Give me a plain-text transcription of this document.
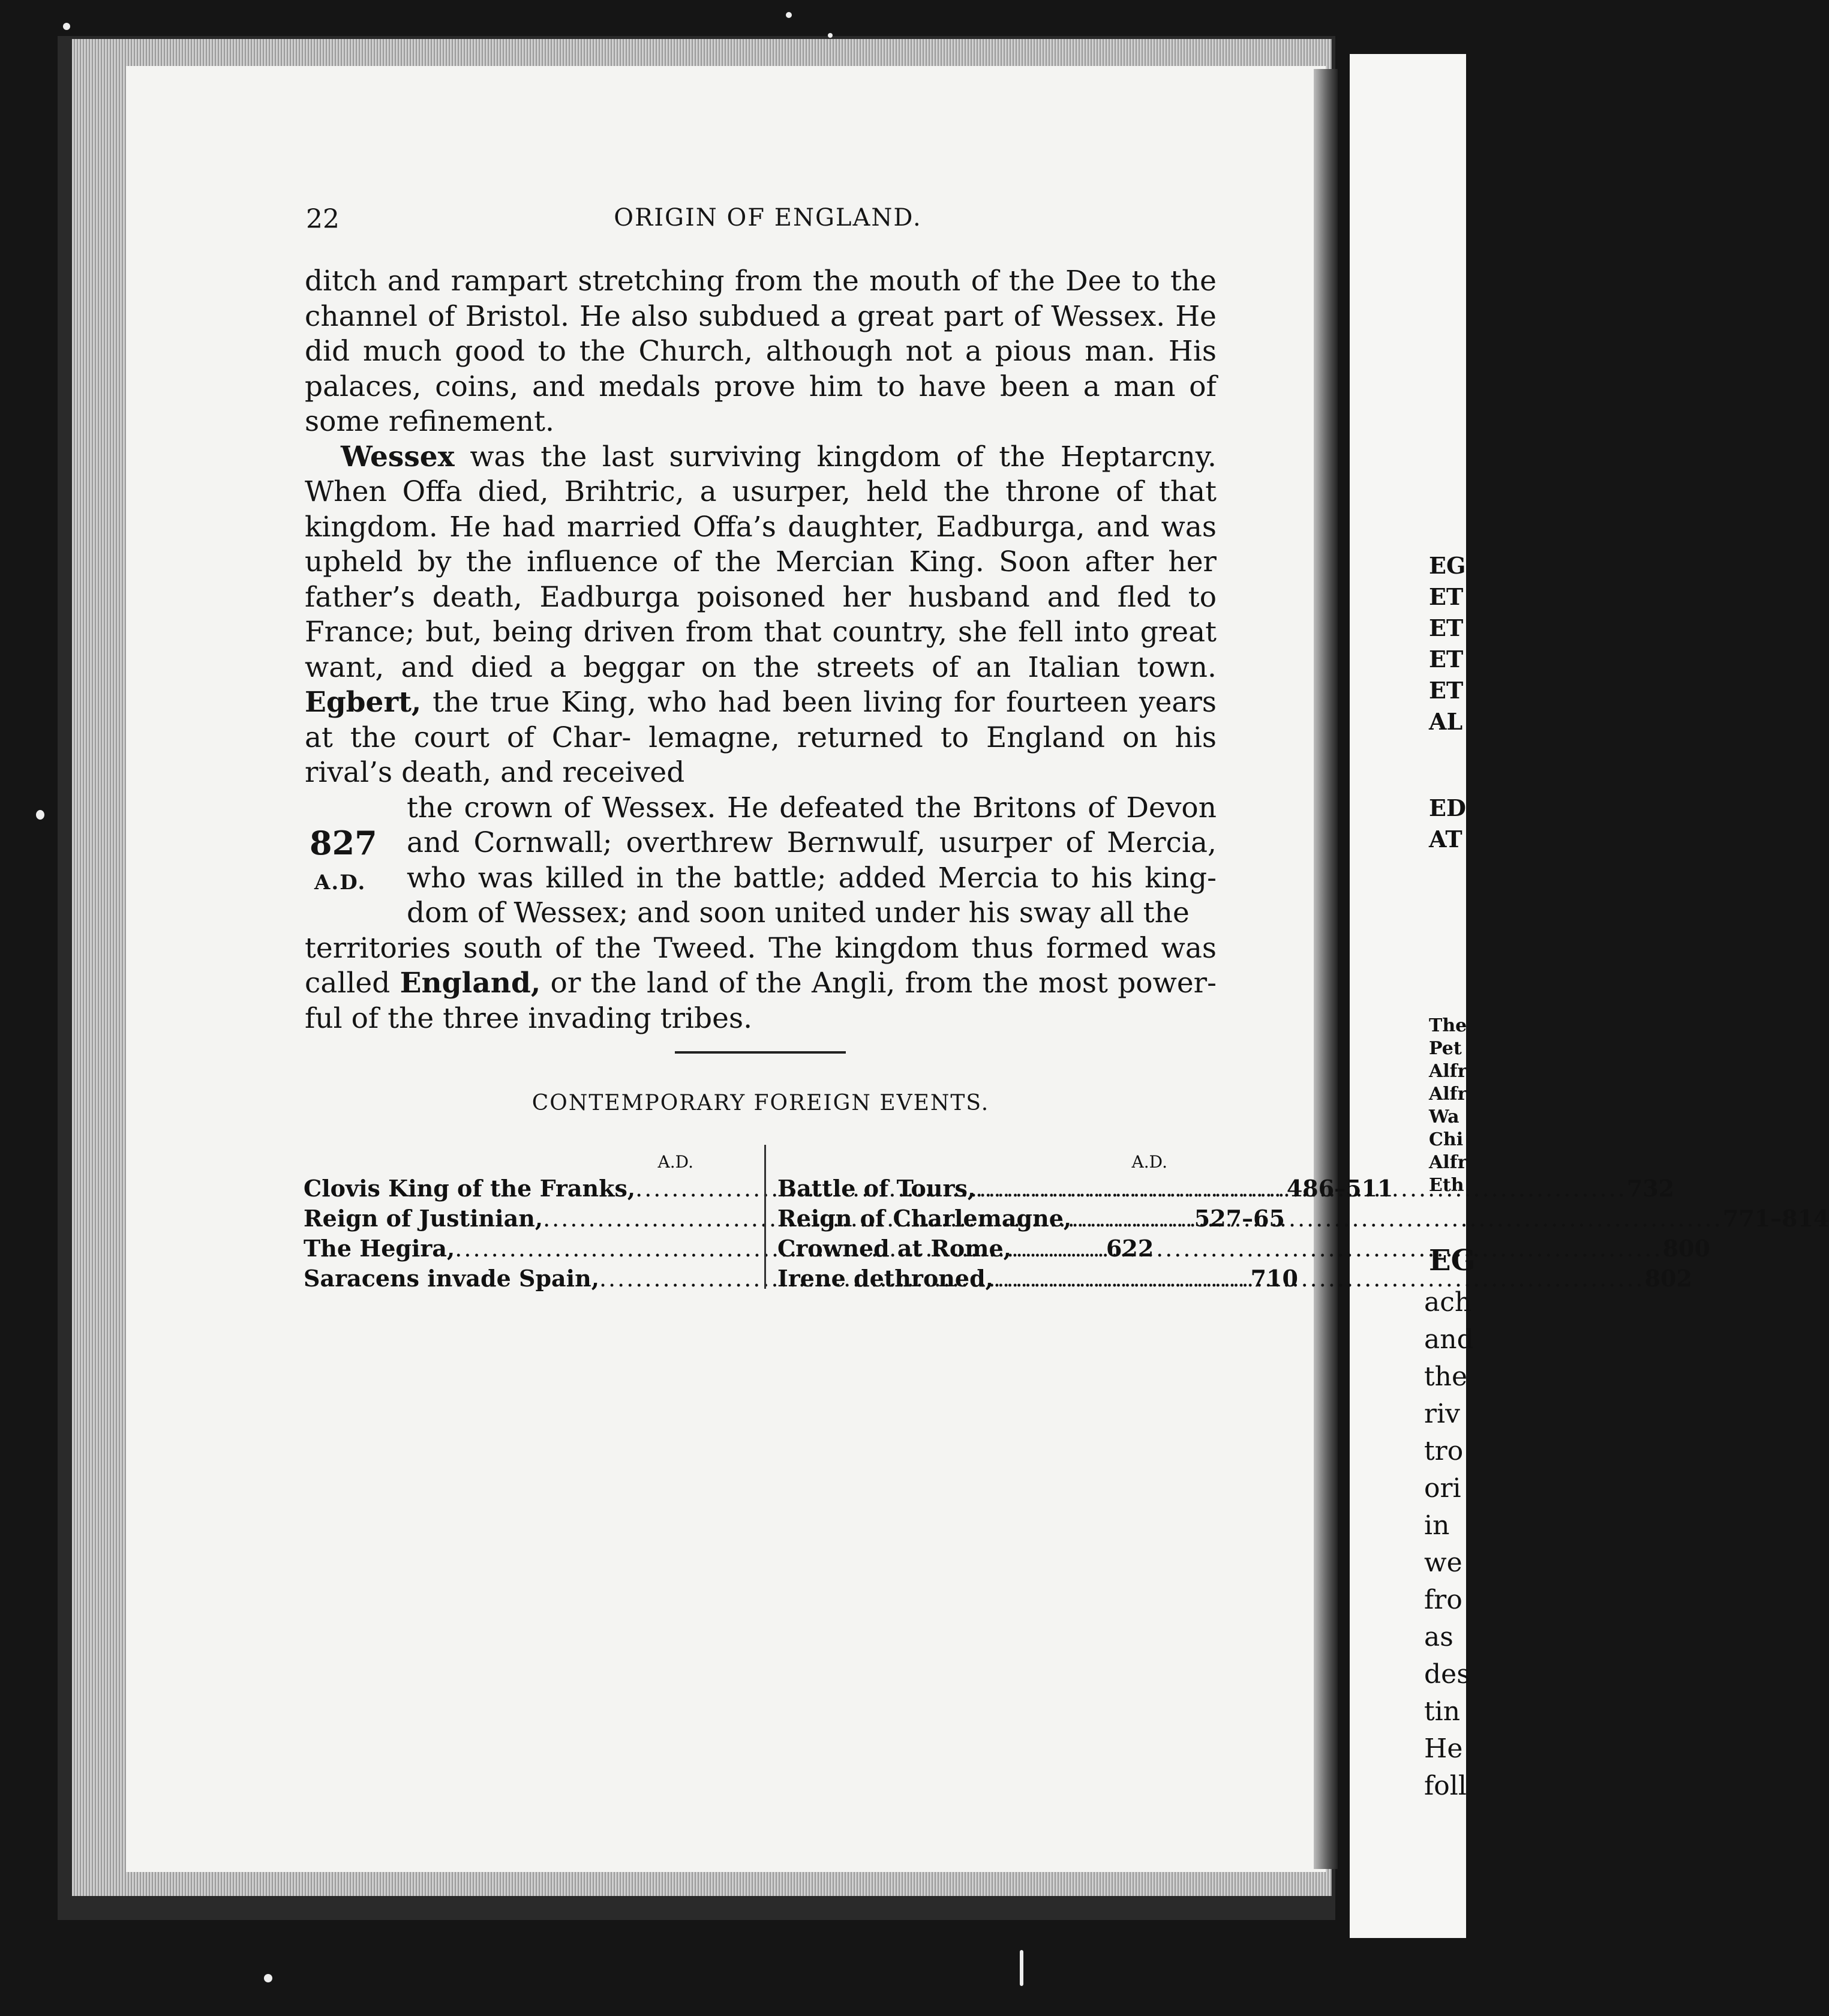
EG
ET
ET
ET
ET
AL
ED
AT
The
Pet
Alfr
Alfr
Wa
Chi
Alfr
Eth
EG
ach
and
the
riv
tro
ori
in
we
fro
as
des
tin
He
foll
22	ORIGIN OF ENGLAND.

ditch and rampart stretching from the mouth of the Dee to the channel of Bristol. He also subdued a great part of Wessex. He did much good to the Church, although not a pious man. His palaces, coins, and medals prove him to have been a man of some refinement.

Wessex was the last surviving kingdom of the Heptarcny. When Offa died, Brihtric, a usurper, held the throne of that kingdom. He had married Offa’s daughter, Eadburga, and was upheld by the influence of the Mercian King. Soon after her father’s death, Eadburga poisoned her husband and fled to France; but, being driven from that country, she fell into great want, and died a beggar on the streets of an Italian town. Egbert, the true King, who had been living for fourteen years at the court of Char- lemagne, returned to England on his rival’s death, and received

827
A.D.
the crown of Wessex. He defeated the Britons of Devon and Cornwall; overthrew Bernwulf, usurper of Mercia, who was killed in the battle; added Mercia to his king- dom of Wessex; and soon united under his sway all the

territories south of the Tweed. The kingdom thus formed was called England, or the land of the Angli, from the most power- ful of the three invading tribes.

CONTEMPORARY FOREIGN EVENTS.
A.D.
Clovis King of the Franks, .....	486–511
Reign of Justinian, .....	527–65
The Hegira, .....	622
Saracens invade Spain, .....	710
A.D.
Battle of Tours, .....	732
Reign of Charlemagne, .....	771–814
Crowned at Rome, .....	800
Irene dethroned, .....	802
